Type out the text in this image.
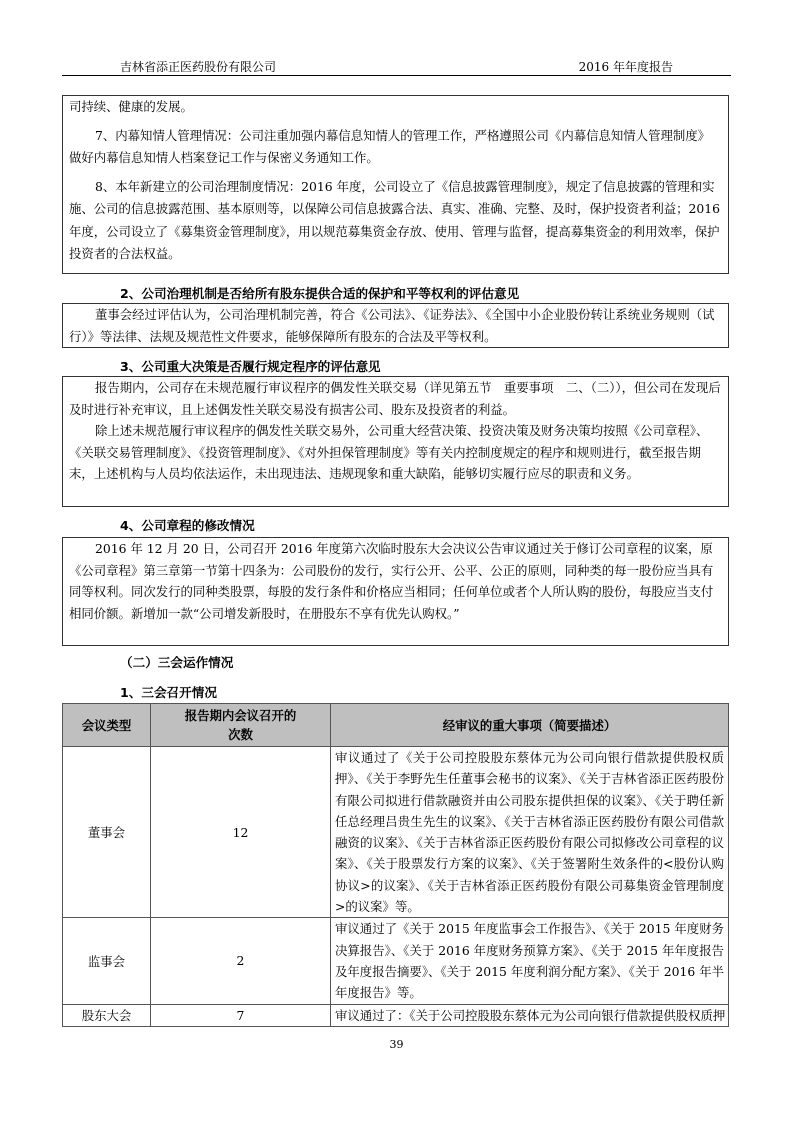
吉林省添正医药股份有限公司	2016 年年度报告

司持续、健康的发展。

7、内幕知情人管理情况：公司注重加强内幕信息知情人的管理工作，严格遵照公司《内幕信息知情人管理制度》做好内幕信息知情人档案登记工作与保密义务通知工作。

8、本年新建立的公司治理制度情况：2016 年度，公司设立了《信息披露管理制度》，规定了信息披露的管理和实施、公司的信息披露范围、基本原则等，以保障公司信息披露合法、真实、准确、完整、及时，保护投资者利益；2016 年度，公司设立了《募集资金管理制度》，用以规范募集资金存放、使用、管理与监督，提高募集资金的利用效率，保护投资者的合法权益。

2、公司治理机制是否给所有股东提供合适的保护和平等权利的评估意见

董事会经过评估认为，公司治理机制完善，符合《公司法》、《证券法》、《全国中小企业股份转让系统业务规则（试行）》等法律、法规及规范性文件要求，能够保障所有股东的合法及平等权利。

3、公司重大决策是否履行规定程序的评估意见

报告期内，公司存在未规范履行审议程序的偶发性关联交易（详见第五节　重要事项　二、（二）），但公司在发现后及时进行补充审议，且上述偶发性关联交易没有损害公司、股东及投资者的利益。

除上述未规范履行审议程序的偶发性关联交易外，公司重大经营决策、投资决策及财务决策均按照《公司章程》、《关联交易管理制度》、《投资管理制度》、《对外担保管理制度》等有关内控制度规定的程序和规则进行，截至报告期末，上述机构与人员均依法运作，未出现违法、违规现象和重大缺陷，能够切实履行应尽的职责和义务。

4、公司章程的修改情况

2016 年 12 月 20 日，公司召开 2016 年度第六次临时股东大会决议公告审议通过关于修订公司章程的议案，原《公司章程》第三章第一节第十四条为：公司股份的发行，实行公开、公平、公正的原则，同种类的每一股份应当具有同等权利。同次发行的同种类股票，每股的发行条件和价格应当相同；任何单位或者个人所认购的股份，每股应当支付相同价额。新增加一款“公司增发新股时，在册股东不享有优先认购权。”

（二）三会运作情况
1、三会召开情况
会议类型	报告期内会议召开的次数	经审议的重大事项（简要描述）
董事会	12	审议通过了《关于公司控股股东蔡体元为公司向银行借款提供股权质押》、《关于李野先生任董事会秘书的议案》、《关于吉林省添正医药股份有限公司拟进行借款融资并由公司股东提供担保的议案》、《关于聘任新任总经理吕贵生先生的议案》、《关于吉林省添正医药股份有限公司借款融资的议案》、《关于吉林省添正医药股份有限公司拟修改公司章程的议案》、《关于股票发行方案的议案》、《关于签署附生效条件的<股份认购协议>的议案》、《关于吉林省添正医药股份有限公司募集资金管理制度>的议案》等。
监事会	2	审议通过了《关于 2015 年度监事会工作报告》、《关于 2015 年度财务决算报告》、《关于 2016 年度财务预算方案》、《关于 2015 年年度报告及年度报告摘要》、《关于 2015 年度利润分配方案》、《关于 2016 年半年度报告》等。
股东大会	7	审议通过了：《关于公司控股股东蔡体元为公司向银行借款提供股权质押
39
